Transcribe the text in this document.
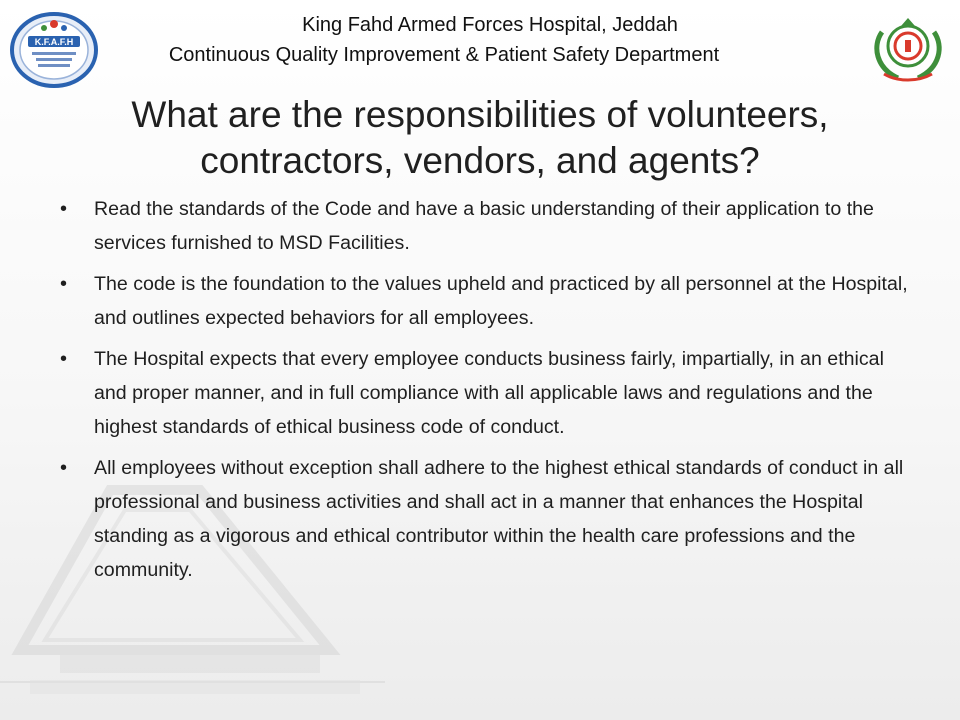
K.F.A.F.H
King Fahd Armed Forces Hospital, Jeddah
Continuous Quality Improvement & Patient Safety Department
What are the responsibilities of volunteers,
contractors, vendors, and agents?
• Read the standards of the Code and have a basic understanding of their application to the services furnished to MSD Facilities.
• The code is the foundation to the values upheld and practiced by all personnel at the Hospital, and outlines expected behaviors for all employees.
• The Hospital expects that every employee conducts business fairly, impartially, in an ethical and proper manner, and in full compliance with all applicable laws and regulations and the highest standards of ethical business code of conduct.
• All employees without exception shall adhere to the highest ethical standards of conduct in all professional and business activities and shall act in a manner that enhances the Hospital standing as a vigorous and ethical contributor within the health care professions and the community.
